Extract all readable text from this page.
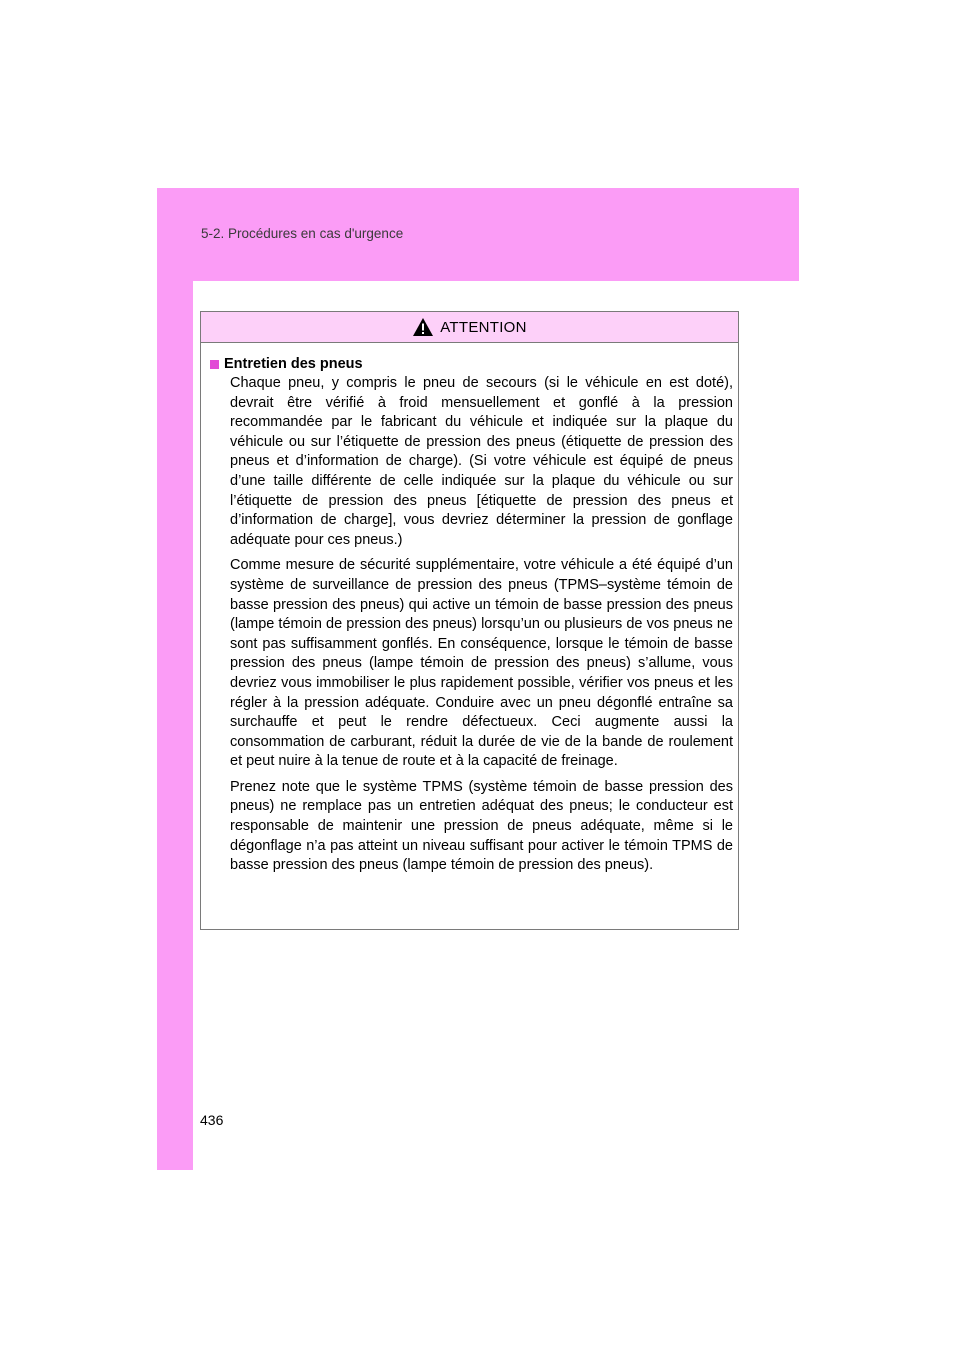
5-2. Procédures en cas d'urgence
ATTENTION
Entretien des pneus

Chaque pneu, y compris le pneu de secours (si le véhicule en est doté), devrait être vérifié à froid mensuellement et gonflé à la pression recommandée par le fabricant du véhicule et indiquée sur la plaque du véhicule ou sur l’étiquette de pression des pneus (étiquette de pression des pneus et d’information de charge). (Si votre véhicule est équipé de pneus d’une taille différente de celle indiquée sur la plaque du véhicule ou sur l’étiquette de pression des pneus [étiquette de pression des pneus et d’information de charge], vous devriez déterminer la pression de gonflage adéquate pour ces pneus.)

Comme mesure de sécurité supplémentaire, votre véhicule a été équipé d’un système de surveillance de pression des pneus (TPMS–système témoin de basse pression des pneus) qui active un témoin de basse pression des pneus (lampe témoin de pression des pneus) lorsqu’un ou plusieurs de vos pneus ne sont pas suffisamment gonflés. En conséquence, lorsque le témoin de basse pression des pneus (lampe témoin de pression des pneus) s’allume, vous devriez vous immobiliser le plus rapidement possible, vérifier vos pneus et les régler à la pression adéquate. Conduire avec un pneu dégonflé entraîne sa surchauffe et peut le rendre défectueux. Ceci augmente aussi la consommation de carburant, réduit la durée de vie de la bande de roulement et peut nuire à la tenue de route et à la capacité de freinage.

Prenez note que le système TPMS (système témoin de basse pression des pneus) ne remplace pas un entretien adéquat des pneus; le conducteur est responsable de maintenir une pression de pneus adéquate, même si le dégonflage n’a pas atteint un niveau suffisant pour activer le témoin TPMS de basse pression des pneus (lampe témoin de pression des pneus).

436
